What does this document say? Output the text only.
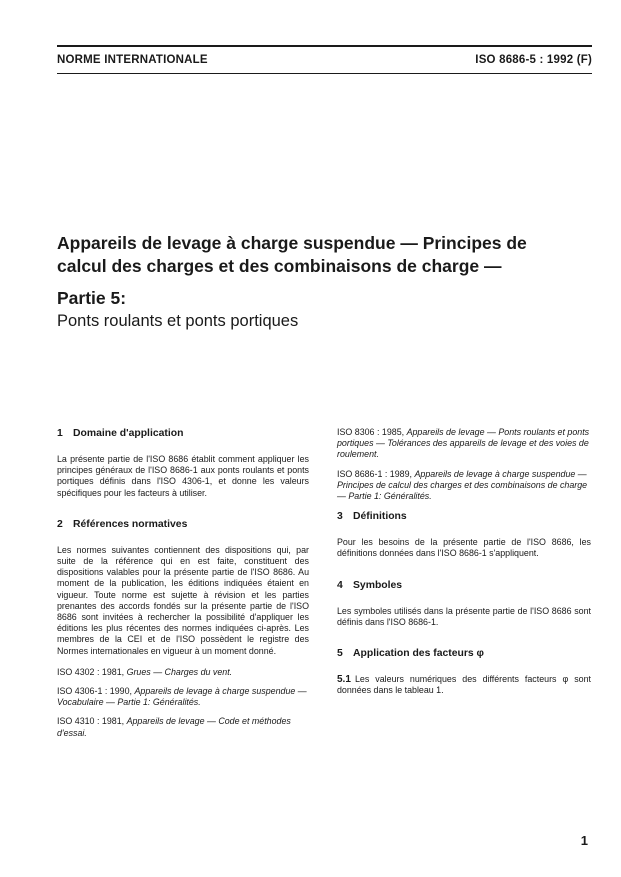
NORME INTERNATIONALE	ISO 8686-5 : 1992 (F)
Appareils de levage à charge suspendue — Principes de
calcul des charges et des combinaisons de charge —
Partie 5:
Ponts roulants et ponts portiques
1 Domaine d'application

La présente partie de l'ISO 8686 établit comment appliquer les principes généraux de l'ISO 8686-1 aux ponts roulants et ponts portiques définis dans l'ISO 4306-1, et donne les valeurs spécifiques pour les facteurs à utiliser.

2 Références normatives

Les normes suivantes contiennent des dispositions qui, par suite de la référence qui en est faite, constituent des dispositions valables pour la présente partie de l'ISO 8686. Au moment de la publication, les éditions indiquées étaient en vigueur. Toute norme est sujette à révision et les parties prenantes des accords fondés sur la présente partie de l'ISO 8686 sont invitées à rechercher la possibilité d'appliquer les éditions les plus récentes des normes indiquées ci-après. Les membres de la CEI et de l'ISO possèdent le registre des Normes internationales en vigueur à un moment donné.

ISO 4302 : 1981, Grues — Charges du vent.

ISO 4306-1 : 1990, Appareils de levage à charge suspendue — Vocabulaire — Partie 1: Généralités.

ISO 4310 : 1981, Appareils de levage — Code et méthodes d'essai.

ISO 8306 : 1985, Appareils de levage — Ponts roulants et ponts portiques — Tolérances des appareils de levage et des voies de roulement.

ISO 8686-1 : 1989, Appareils de levage à charge suspendue — Principes de calcul des charges et des combinaisons de charge — Partie 1: Généralités.

3 Définitions

Pour les besoins de la présente partie de l'ISO 8686, les définitions données dans l'ISO 8686-1 s'appliquent.

4 Symboles

Les symboles utilisés dans la présente partie de l'ISO 8686 sont définis dans l'ISO 8686-1.

5 Application des facteurs φ

5.1 Les valeurs numériques des différents facteurs φ sont données dans le tableau 1.

1
